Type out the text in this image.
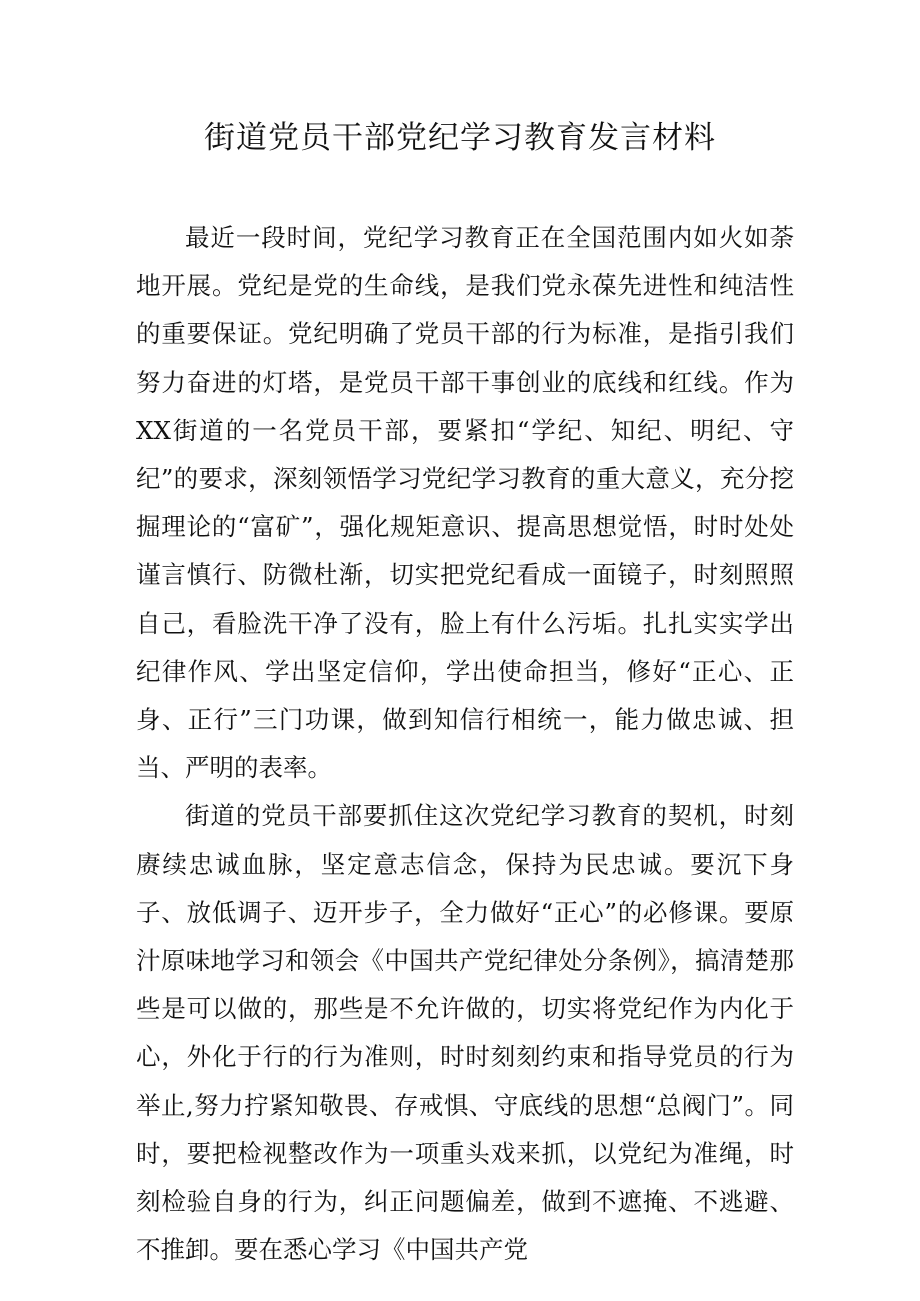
街道党员干部党纪学习教育发言材料

最近一段时间，党纪学习教育正在全国范围内如火如荼地开展。党纪是党的生命线，是我们党永葆先进性和纯洁性的重要保证。党纪明确了党员干部的行为标准，是指引我们努力奋进的灯塔，是党员干部干事创业的底线和红线。作为XX街道的一名党员干部，要紧扣“学纪、知纪、明纪、守纪”的要求，深刻领悟学习党纪学习教育的重大意义，充分挖掘理论的“富矿”，强化规矩意识、提高思想觉悟，时时处处谨言慎行、防微杜渐，切实把党纪看成一面镜子，时刻照照自己，看脸洗干净了没有，脸上有什么污垢。扎扎实实学出纪律作风、学出坚定信仰，学出使命担当，修好“正心、正身、正行”三门功课，做到知信行相统一，能力做忠诚、担当、严明的表率。

街道的党员干部要抓住这次党纪学习教育的契机，时刻赓续忠诚血脉，坚定意志信念，保持为民忠诚。要沉下身子、放低调子、迈开步子，全力做好“正心”的必修课。要原汁原味地学习和领会《中国共产党纪律处分条例》，搞清楚那些是可以做的，那些是不允许做的，切实将党纪作为内化于心，外化于行的行为准则，时时刻刻约束和指导党员的行为举止,努力拧紧知敬畏、存戒惧、守底线的思想“总阀门”。同时，要把检视整改作为一项重头戏来抓，以党纪为准绳，时刻检验自身的行为，纠正问题偏差，做到不遮掩、不逃避、不推卸。要在悉心学习《中国共产党
